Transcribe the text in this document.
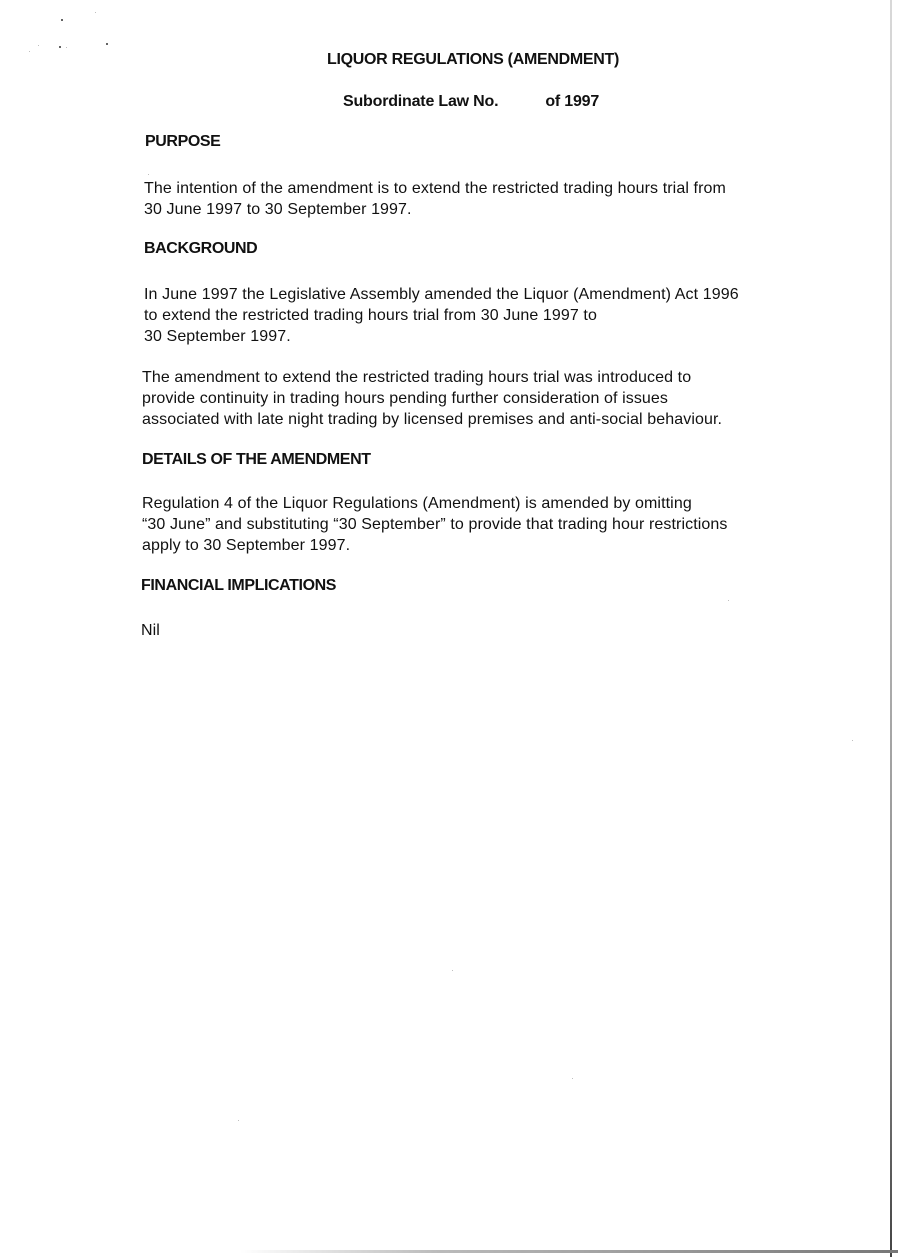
LIQUOR REGULATIONS (AMENDMENT)
Subordinate Law No.	of 1997
PURPOSE
The intention of the amendment is to extend the restricted trading hours trial from
30 June 1997 to 30 September 1997.
BACKGROUND
In June 1997 the Legislative Assembly amended the Liquor (Amendment) Act 1996
to extend the restricted trading hours trial from 30 June 1997 to
30 September 1997.
The amendment to extend the restricted trading hours trial was introduced to
provide continuity in trading hours pending further consideration of issues
associated with late night trading by licensed premises and anti-social behaviour.
DETAILS OF THE AMENDMENT
Regulation 4 of the Liquor Regulations (Amendment) is amended by omitting
“30 June” and substituting “30 September” to provide that trading hour restrictions
apply to 30 September 1997.
FINANCIAL IMPLICATIONS
Nil
